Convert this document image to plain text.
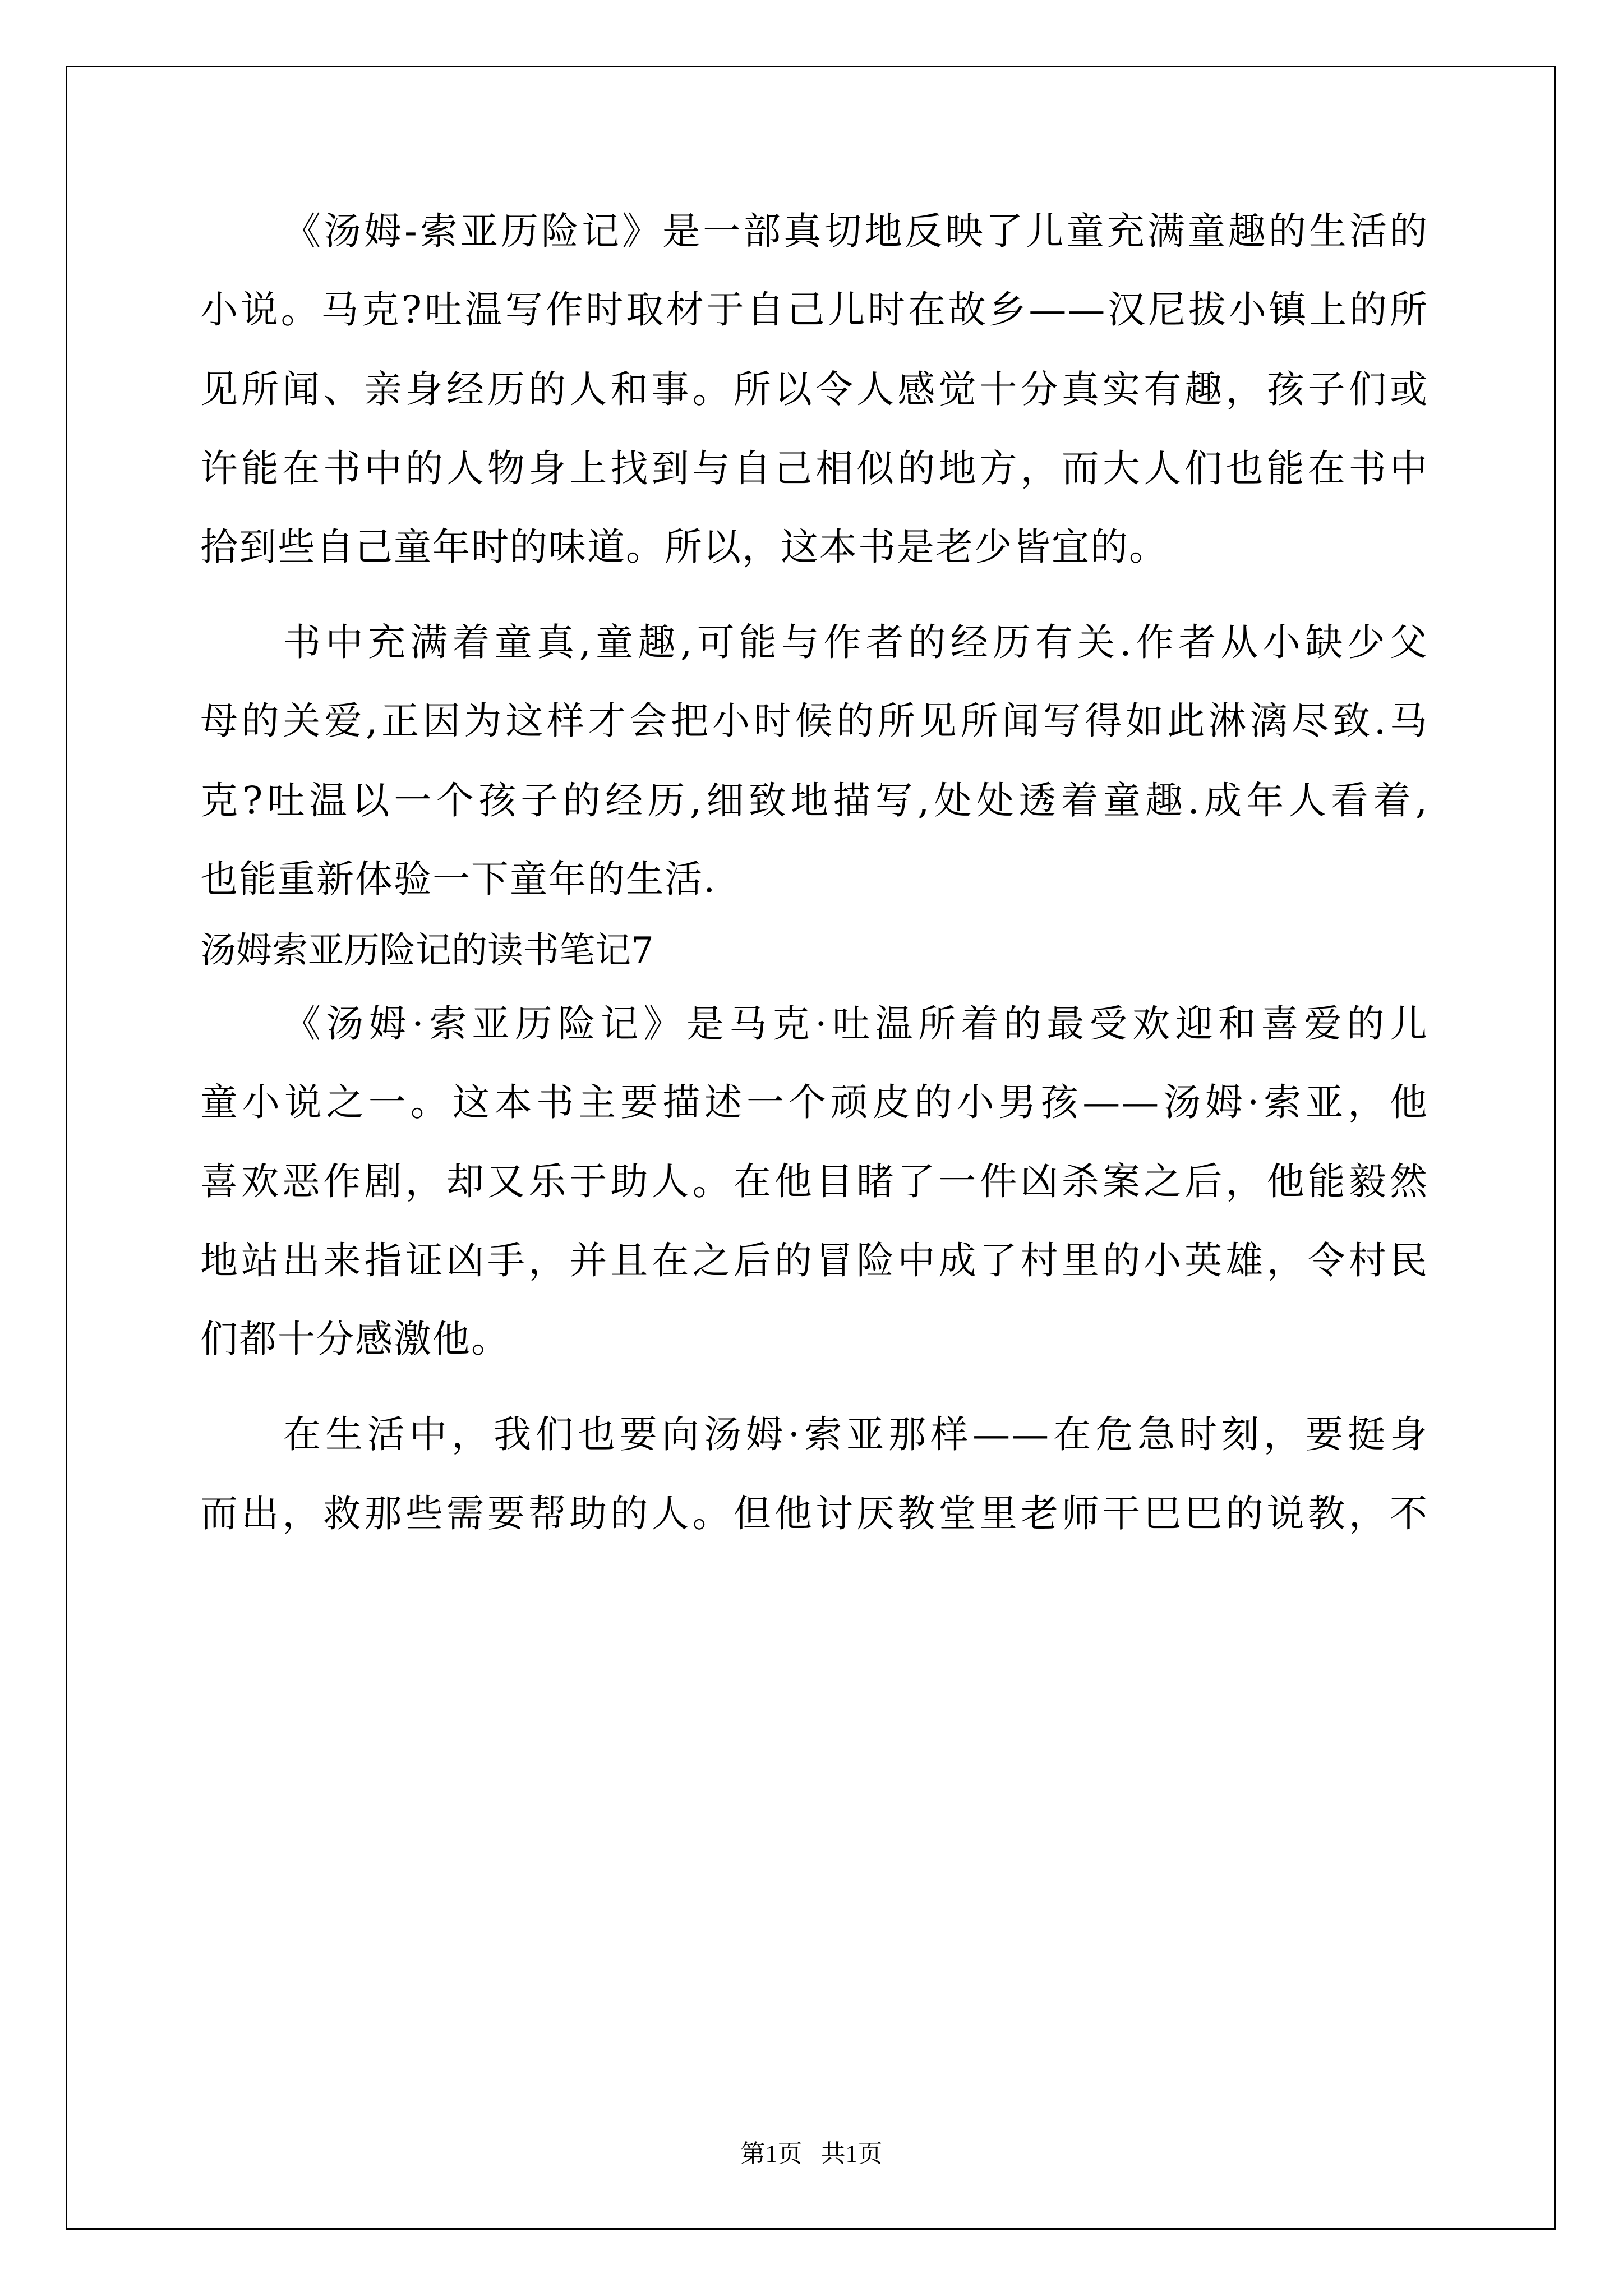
《汤姆-索亚历险记》是一部真切地反映了儿童充满童趣的生活的
小说。马克?吐温写作时取材于自己儿时在故乡——汉尼拔小镇上的所
见所闻、亲身经历的人和事。所以令人感觉十分真实有趣，孩子们或
许能在书中的人物身上找到与自己相似的地方，而大人们也能在书中
拾到些自己童年时的味道。所以，这本书是老少皆宜的。
书中充满着童真,童趣,可能与作者的经历有关.作者从小缺少父
母的关爱,正因为这样才会把小时候的所见所闻写得如此淋漓尽致.马
克?吐温以一个孩子的经历,细致地描写,处处透着童趣.成年人看着,
也能重新体验一下童年的生活.
汤姆索亚历险记的读书笔记7
《汤姆·索亚历险记》是马克·吐温所着的最受欢迎和喜爱的儿
童小说之一。这本书主要描述一个顽皮的小男孩——汤姆·索亚，他
喜欢恶作剧，却又乐于助人。在他目睹了一件凶杀案之后，他能毅然
地站出来指证凶手，并且在之后的冒险中成了村里的小英雄，令村民
们都十分感激他。
在生活中，我们也要向汤姆·索亚那样——在危急时刻，要挺身
而出，救那些需要帮助的人。但他讨厌教堂里老师干巴巴的说教，不
第1页   共1页
